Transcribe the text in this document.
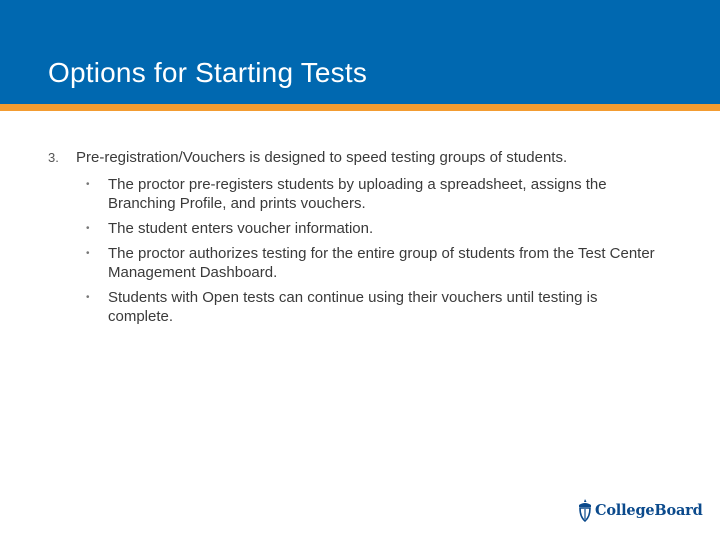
Options for Starting Tests
3. Pre-registration/Vouchers is designed to speed testing groups of students.
• The proctor pre-registers students by uploading a spreadsheet, assigns the Branching Profile, and prints vouchers.
• The student enters voucher information.
• The proctor authorizes testing for the entire group of students from the Test Center Management Dashboard.
• Students with Open tests can continue using their vouchers until testing is complete.
CollegeBoard
